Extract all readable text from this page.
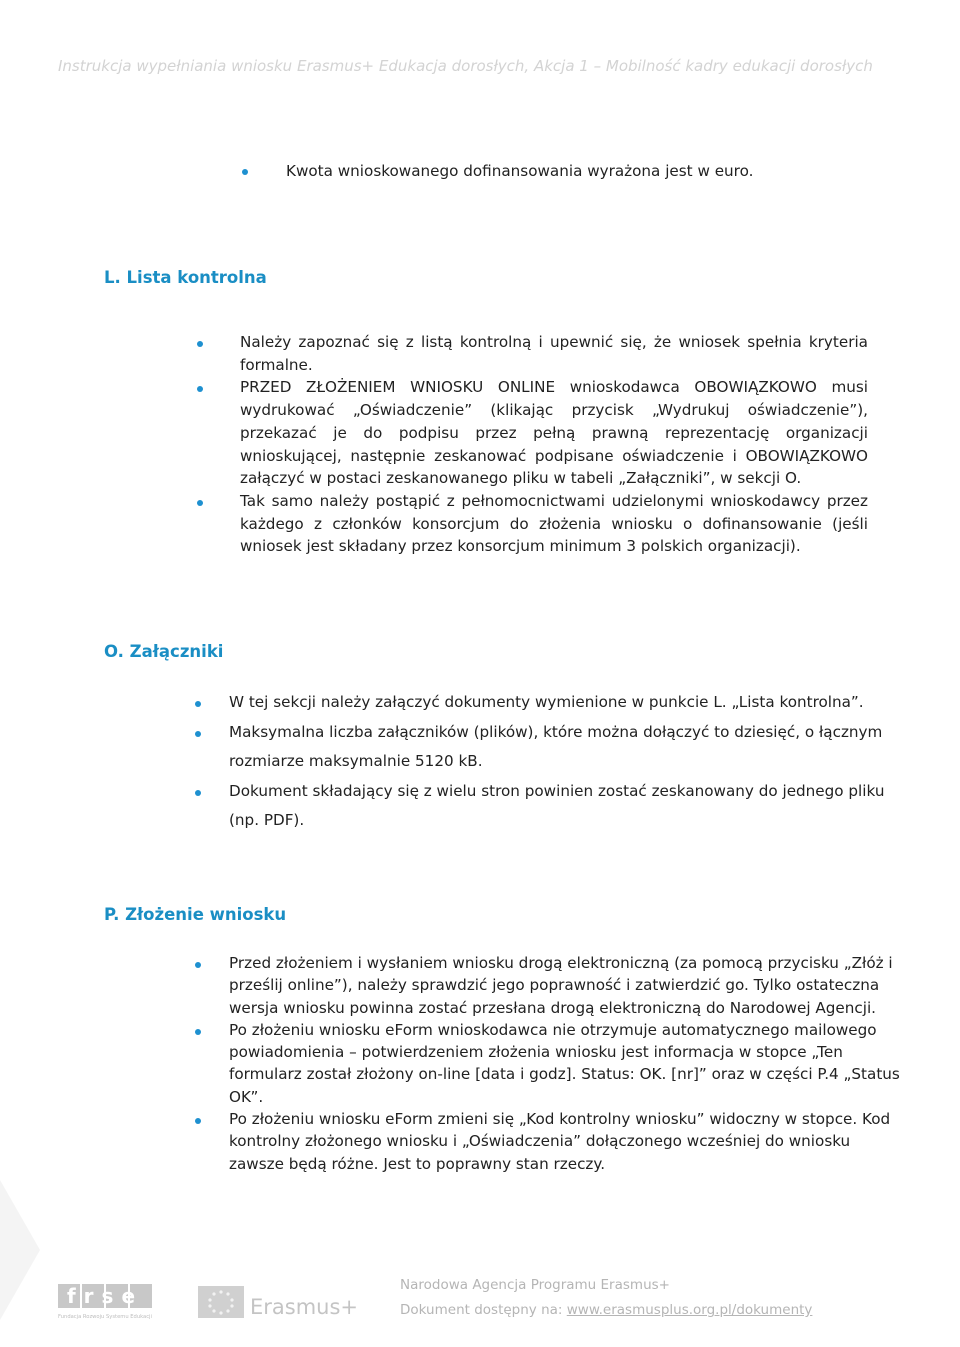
Instrukcja wypełniania wniosku Erasmus+ Edukacja dorosłych, Akcja 1 – Mobilność kadry edukacji dorosłych
Kwota wnioskowanego dofinansowania wyrażona jest w euro.
L. Lista kontrolna
Należy zapoznać się z listą kontrolną i upewnić się, że wniosek spełnia kryteria formalne.
PRZED ZŁOŻENIEM WNIOSKU ONLINE wnioskodawca OBOWIĄZKOWO musi wydrukować „Oświadczenie” (klikając przycisk „Wydrukuj oświadczenie”), przekazać je do podpisu przez pełną prawną reprezentację organizacji wnioskującej, następnie zeskanować podpisane oświadczenie i OBOWIĄZKOWO załączyć w postaci zeskanowanego pliku w tabeli „Załączniki”, w sekcji O.
Tak samo należy postąpić z pełnomocnictwami udzielonymi wnioskodawcy przez każdego z członków konsorcjum do złożenia wniosku o dofinansowanie (jeśli wniosek jest składany przez konsorcjum minimum 3 polskich organizacji).
O. Załączniki
W tej sekcji należy załączyć dokumenty wymienione w punkcie L. „Lista kontrolna”.
Maksymalna liczba załączników (plików), które można dołączyć to dziesięć, o łącznym rozmiarze maksymalnie 5120 kB.
Dokument składający się z wielu stron powinien zostać zeskanowany do jednego pliku (np. PDF).
P. Złożenie wniosku
Przed złożeniem i wysłaniem wniosku drogą elektroniczną (za pomocą przycisku „Złóż i prześlij online”), należy sprawdzić jego poprawność i zatwierdzić go. Tylko ostateczna wersja wniosku powinna zostać przesłana drogą elektroniczną do Narodowej Agencji.
Po złożeniu wniosku eForm wnioskodawca nie otrzymuje automatycznego mailowego powiadomienia – potwierdzeniem złożenia wniosku jest informacja w stopce „Ten formularz został złożony on-line [data i godz]. Status: OK. [nr]” oraz w części P.4 „Status OK”.
Po złożeniu wniosku eForm zmieni się „Kod kontrolny wniosku” widoczny w stopce. Kod kontrolny złożonego wniosku i „Oświadczenia” dołączonego wcześniej do wniosku zawsze będą różne. Jest to poprawny stan rzeczy.
frse
Fundacja Rozwoju Systemu Edukacji	Erasmus+
Narodowa Agencja Programu Erasmus+
Dokument dostępny na: www.erasmusplus.org.pl/dokumenty
